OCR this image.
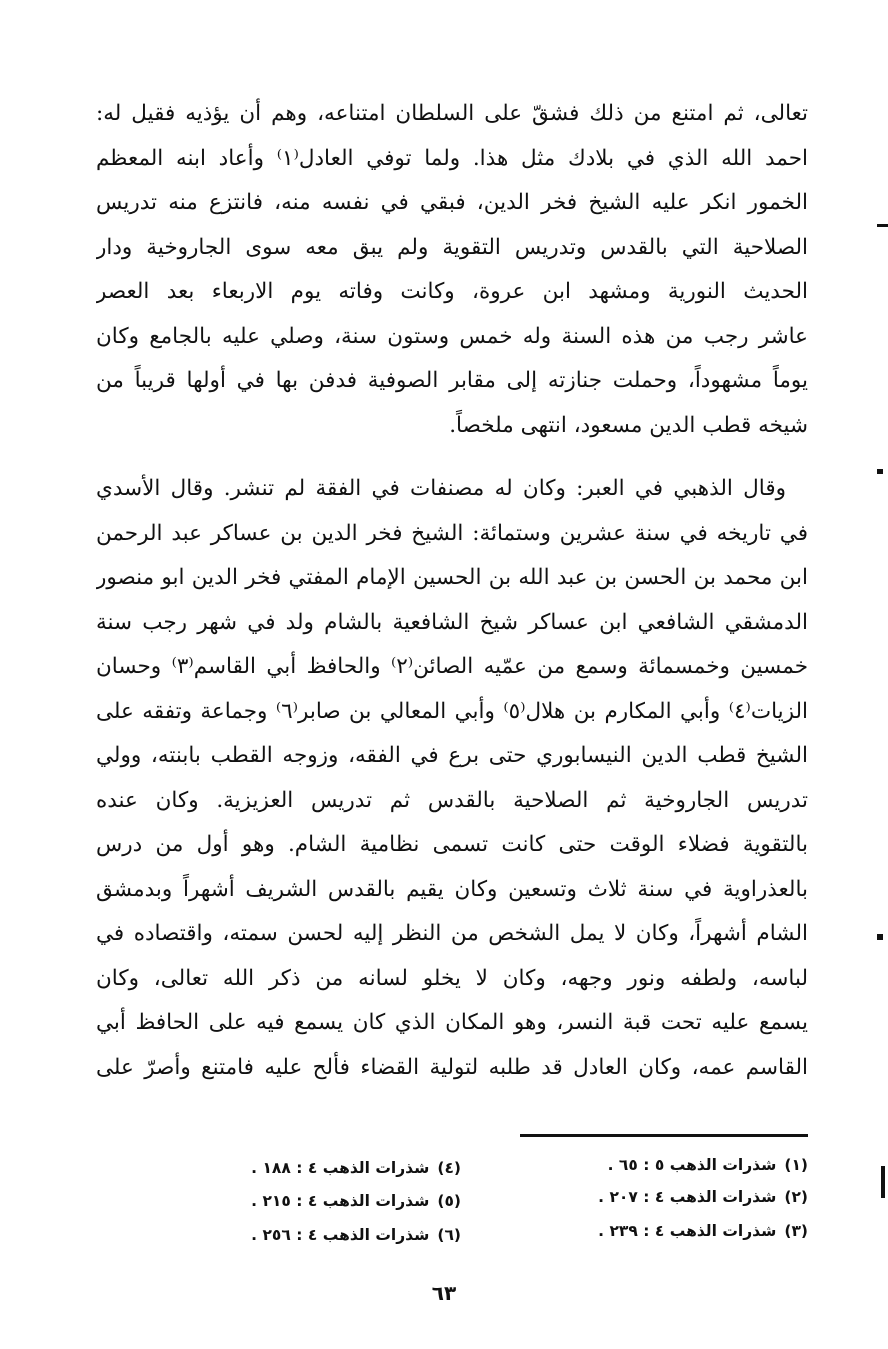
تعالى، ثم امتنع من ذلك فشقّ على السلطان امتناعه، وهم أن يؤذيه فقيل له:
احمد الله الذي في بلادك مثل هذا. ولما توفي العادل⁽١⁾ وأعاد ابنه المعظم
الخمور انكر عليه الشيخ فخر الدين، فبقي في نفسه منه، فانتزع منه تدريس
الصلاحية التي بالقدس وتدريس التقوية ولم يبق معه سوى الجاروخية ودار
الحديث النورية ومشهد ابن عروة، وكانت وفاته يوم الاربعاء بعد العصر
عاشر رجب من هذه السنة وله خمس وستون سنة، وصلي عليه بالجامع وكان
يوماً مشهوداً، وحملت جنازته إلى مقابر الصوفية فدفن بها في أولها قريباً من
شيخه قطب الدين مسعود، انتهى ملخصاً.
وقال الذهبي في العبر: وكان له مصنفات في الفقة لم تنشر. وقال الأسدي
في تاريخه في سنة عشرين وستمائة: الشيخ فخر الدين بن عساكر عبد الرحمن
ابن محمد بن الحسن بن عبد الله بن الحسين الإمام المفتي فخر الدين ابو منصور
الدمشقي الشافعي ابن عساكر شيخ الشافعية بالشام ولد في شهر رجب سنة
خمسين وخمسمائة وسمع من عمّيه الصائن⁽٢⁾ والحافظ أبي القاسم⁽٣⁾ وحسان
الزيات⁽٤⁾ وأبي المكارم بن هلال⁽٥⁾ وأبي المعالي بن صابر⁽٦⁾ وجماعة وتفقه على
الشيخ قطب الدين النيسابوري حتى برع في الفقه، وزوجه القطب بابنته، وولي
تدريس الجاروخية ثم الصلاحية بالقدس ثم تدريس العزيزية. وكان عنده
بالتقوية فضلاء الوقت حتى كانت تسمى نظامية الشام. وهو أول من درس
بالعذراوية في سنة ثلاث وتسعين وكان يقيم بالقدس الشريف أشهراً وبدمشق
الشام أشهراً، وكان لا يمل الشخص من النظر إليه لحسن سمته، واقتصاده في
لباسه، ولطفه ونور وجهه، وكان لا يخلو لسانه من ذكر الله تعالى، وكان
يسمع عليه تحت قبة النسر، وهو المكان الذي كان يسمع فيه على الحافظ أبي
القاسم عمه، وكان العادل قد طلبه لتولية القضاء فألح عليه فامتنع وأصرّ على
(١)شذرات الذهب ٥ : ٦٥ .
(٢)شذرات الذهب ٤ : ٢٠٧ .
(٣)شذرات الذهب ٤ : ٢٣٩ .
(٤)شذرات الذهب ٤ : ١٨٨ .
(٥)شذرات الذهب ٤ : ٢١٥ .
(٦)شذرات الذهب ٤ : ٢٥٦ .
٦٣
